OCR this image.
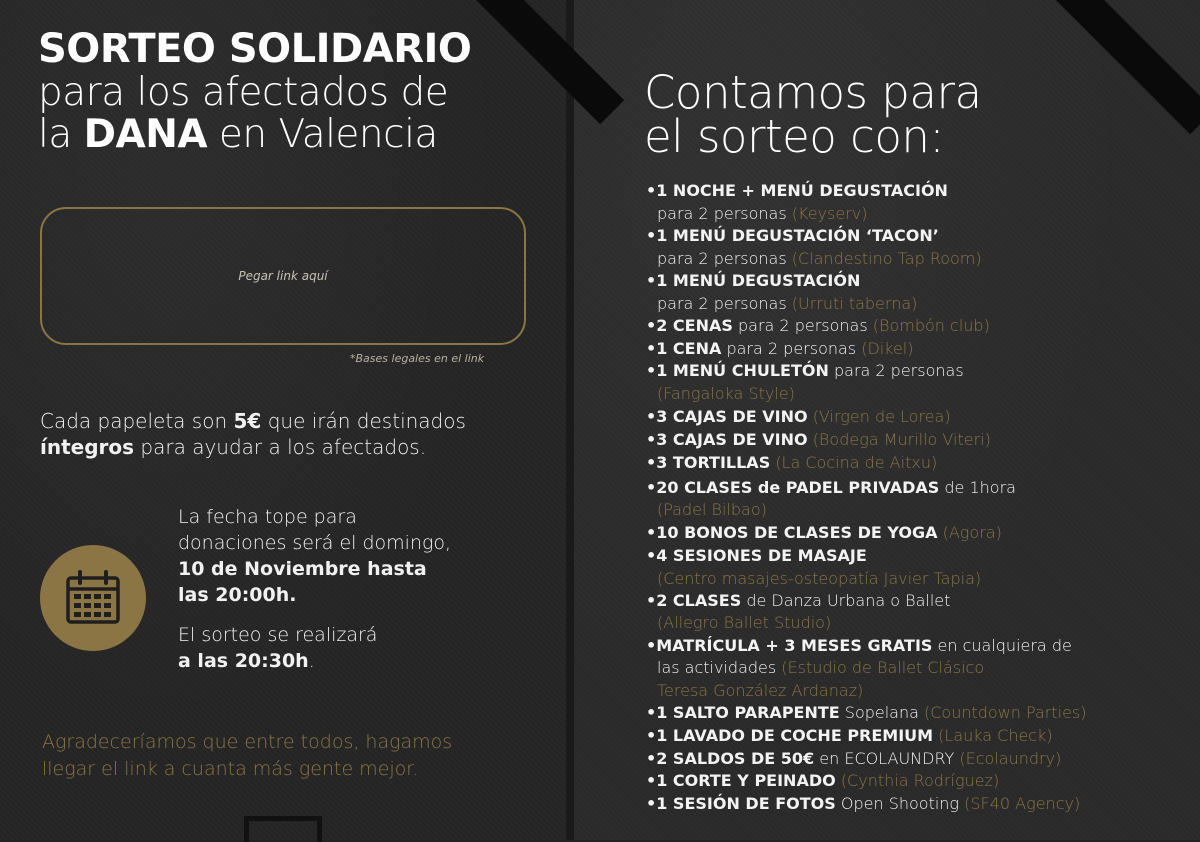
SORTEO SOLIDARIO
para los afectados de
la DANA en Valencia
Pegar link aquí
*Bases legales en el link
Cada papeleta son 5€ que irán destinados
íntegros para ayudar a los afectados.
La fecha tope para
donaciones será el domingo,
10 de Noviembre hasta
las 20:00h.
El sorteo se realizará
a las 20:30h.
Agradeceríamos que entre todos, hagamos
llegar el link a cuanta más gente mejor.
Contamos para
el sorteo con:
•1 NOCHE + MENÚ DEGUSTACIÓN
para 2 personas (Keyserv)
•1 MENÚ DEGUSTACIÓN ‘TACON’
para 2 personas (Clandestino Tap Room)
•1 MENÚ DEGUSTACIÓN
para 2 personas (Urruti taberna)
•2 CENAS para 2 personas (Bombón club)
•1 CENA para 2 personas (Dikel)
•1 MENÚ CHULETÓN para 2 personas
(Fangaloka Style)
•3 CAJAS DE VINO (Virgen de Lorea)
•3 CAJAS DE VINO (Bodega Murillo Viteri)
•3 TORTILLAS (La Cocina de Aitxu)
•20 CLASES de PADEL PRIVADAS de 1hora
(Padel Bilbao)
•10 BONOS DE CLASES DE YOGA (Agora)
•4 SESIONES DE MASAJE
(Centro masajes-osteopatía Javier Tapia)
•2 CLASES de Danza Urbana o Ballet
(Allegro Ballet Studio)
•MATRÍCULA + 3 MESES GRATIS en cualquiera de
las actividades (Estudio de Ballet Clásico
Teresa González Ardanaz)
•1 SALTO PARAPENTE Sopelana (Countdown Parties)
•1 LAVADO DE COCHE PREMIUM (Lauka Check)
•2 SALDOS DE 50€ en ECOLAUNDRY (Ecolaundry)
•1 CORTE Y PEINADO (Cynthia Rodríguez)
•1 SESIÓN DE FOTOS Open Shooting (SF40 Agency)
